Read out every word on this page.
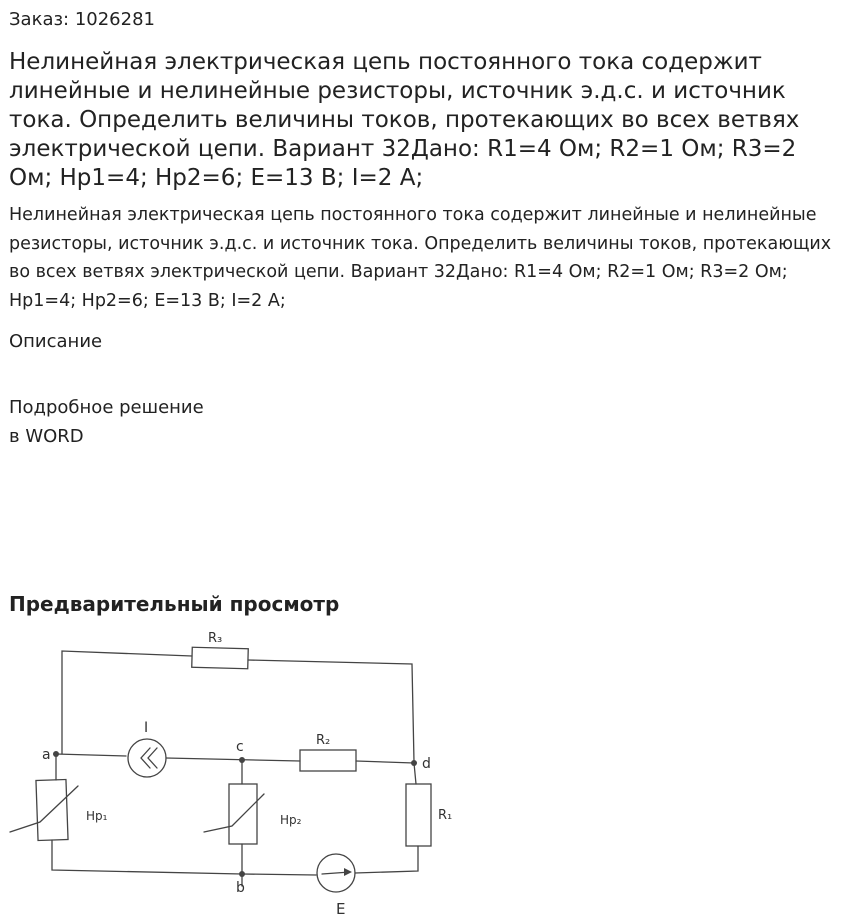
Заказ: 1026281

Нелинейная электрическая цепь постоянного тока содержит линейные и нелинейные резисторы, источник э.д.с. и источник тока. Определить величины токов, протекающих во всех ветвях электрической цепи. Вариант 32Дано: R1=4 Ом; R2=1 Ом; R3=2 Ом; Hp1=4; Hp2=6; E=13 В; I=2 А;

Нелинейная электрическая цепь постоянного тока содержит линейные и нелинейные резисторы, источник э.д.с. и источник тока. Определить величины токов, протекающих во всех ветвях электрической цепи. Вариант 32Дано: R1=4 Ом; R2=1 Ом; R3=2 Ом; Hp1=4; Hp2=6; E=13 В; I=2 А;

Описание

Подробное решение
в WORD

Предварительный просмотр
R₃
R₂
R₁
I
E
Hр₁	Hр₂
a	c
d
b
